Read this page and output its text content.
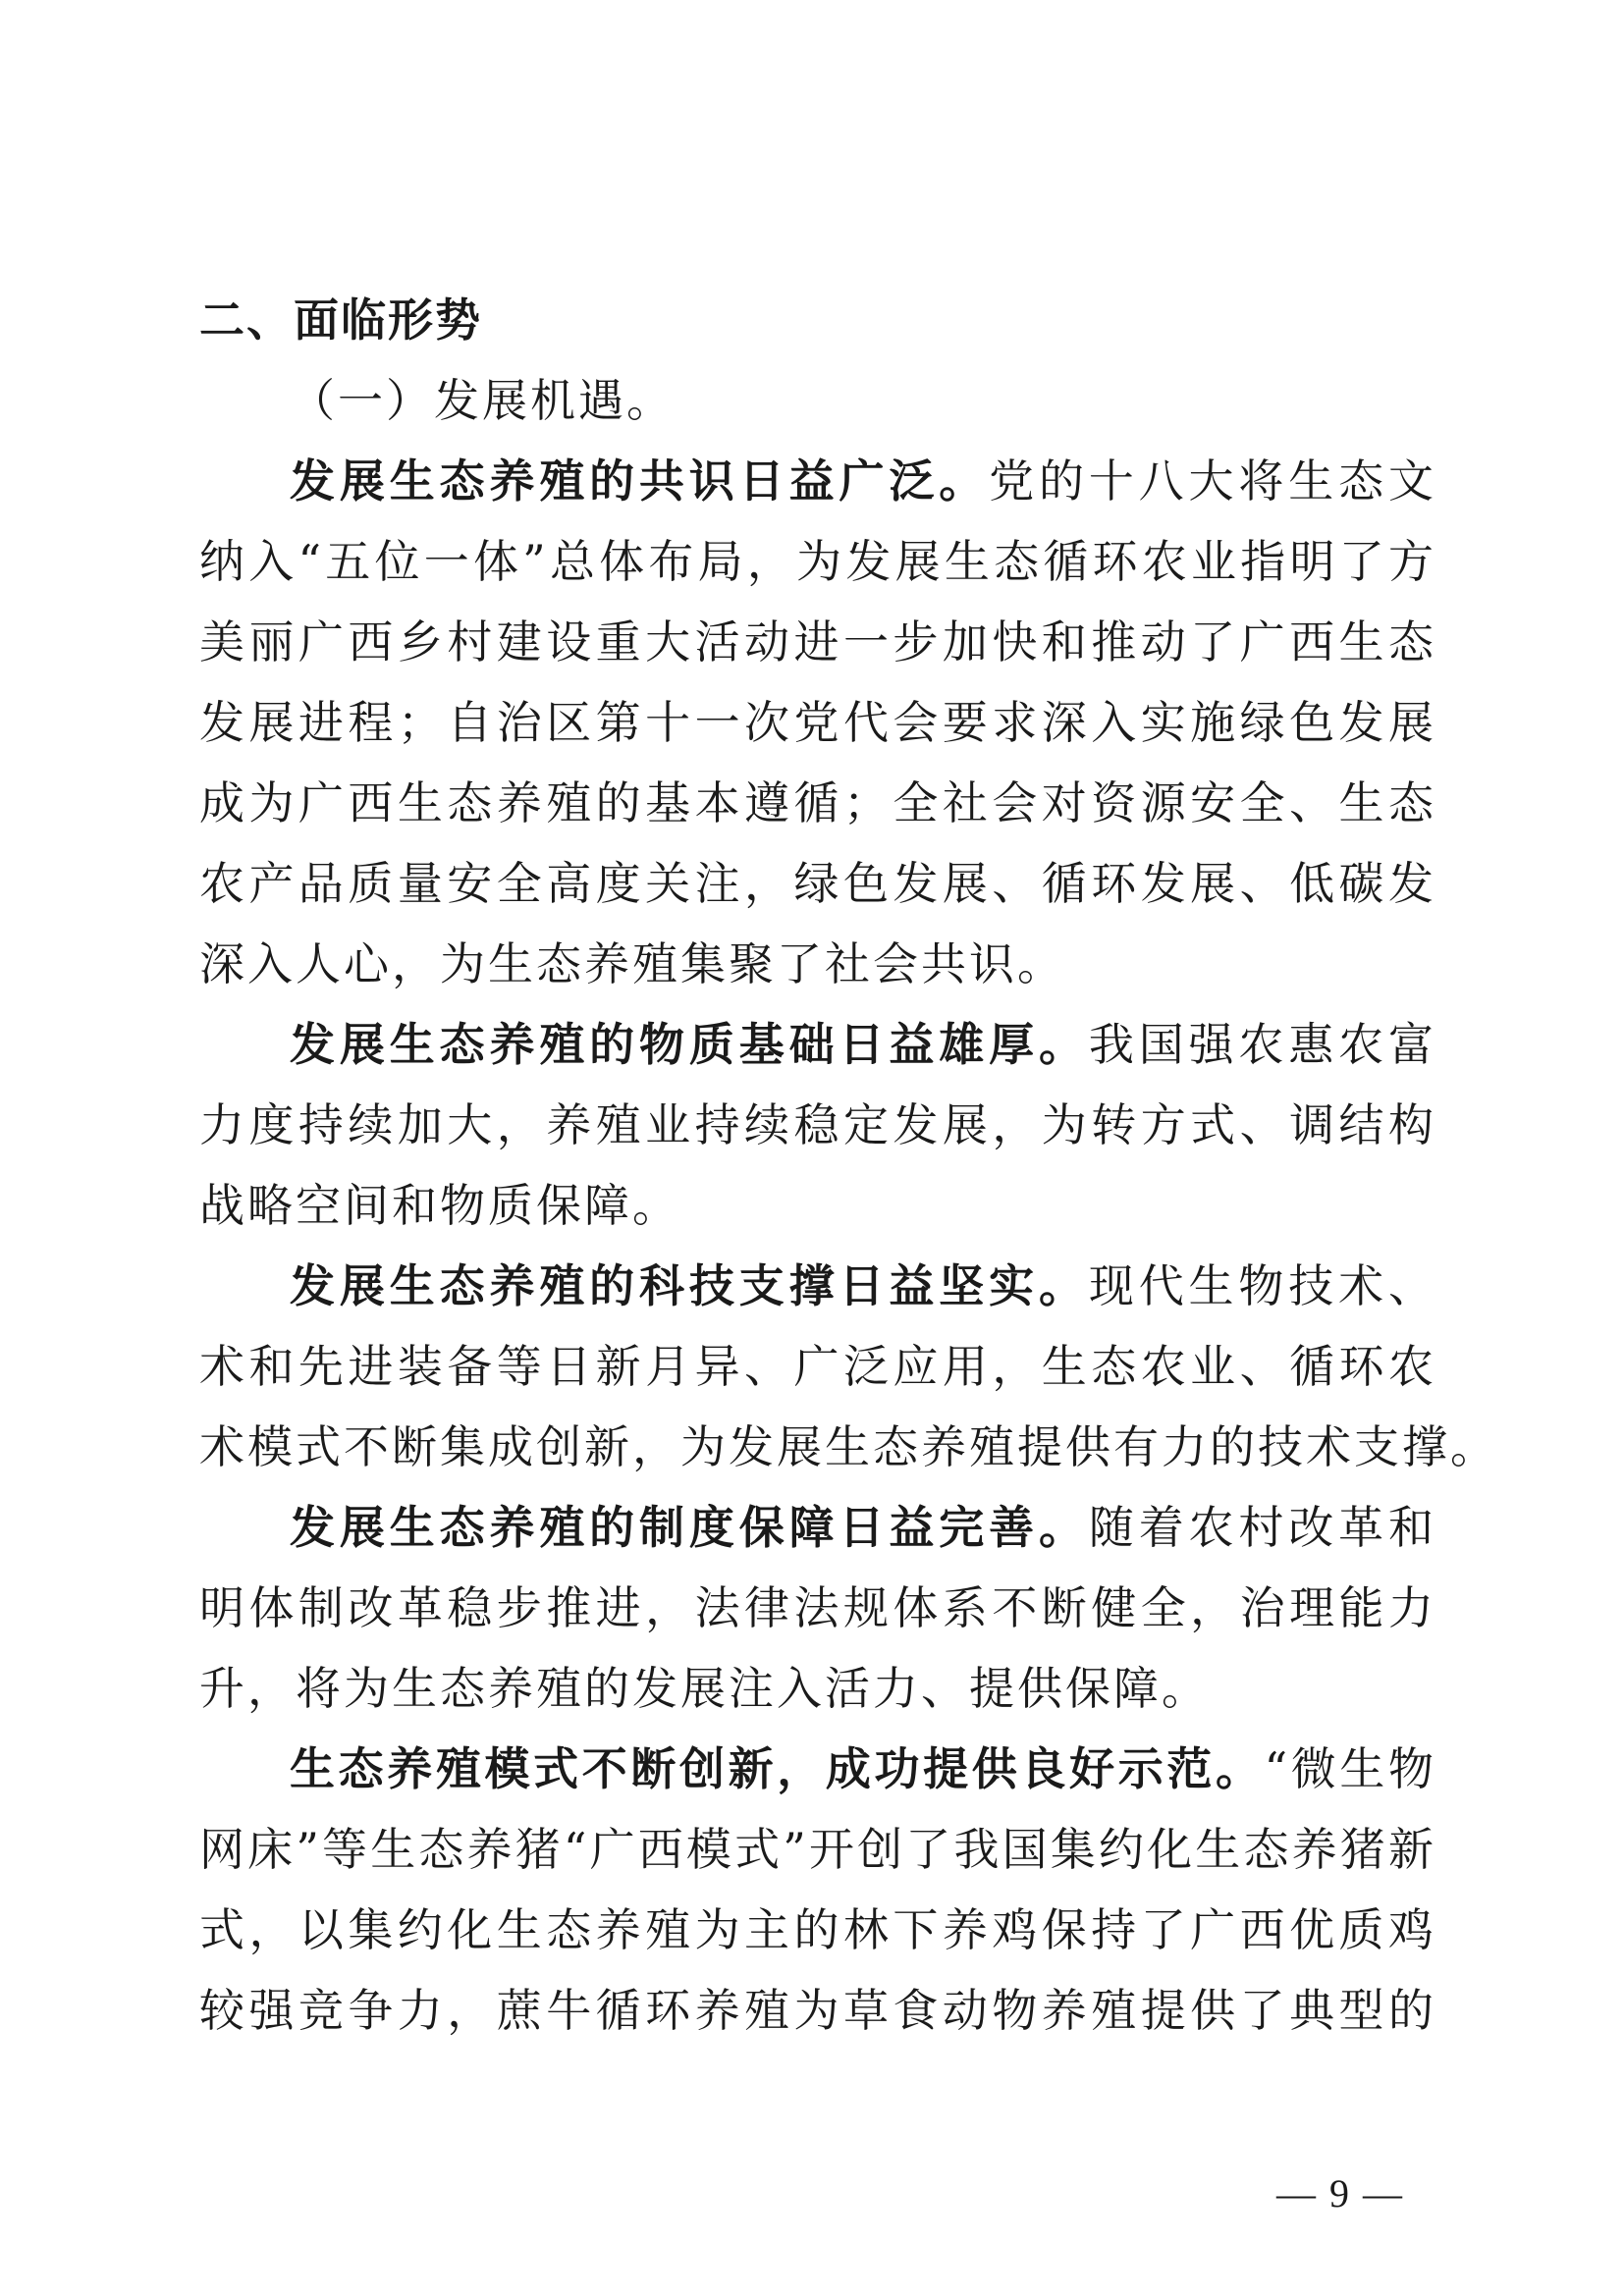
二、面临形势
（一）发展机遇。
发展生态养殖的共识日益广泛。党的十八大将生态文
纳入“五位一体”总体布局，为发展生态循环农业指明了方
美丽广西乡村建设重大活动进一步加快和推动了广西生态
发展进程；自治区第十一次党代会要求深入实施绿色发展
成为广西生态养殖的基本遵循；全社会对资源安全、生态
农产品质量安全高度关注，绿色发展、循环发展、低碳发
深入人心，为生态养殖集聚了社会共识。
发展生态养殖的物质基础日益雄厚。我国强农惠农富
力度持续加大，养殖业持续稳定发展，为转方式、调结构
战略空间和物质保障。
发展生态养殖的科技支撑日益坚实。现代生物技术、
术和先进装备等日新月异、广泛应用，生态农业、循环农
术模式不断集成创新，为发展生态养殖提供有力的技术支撑。
发展生态养殖的制度保障日益完善。随着农村改革和
明体制改革稳步推进，法律法规体系不断健全，治理能力
升，将为生态养殖的发展注入活力、提供保障。
生态养殖模式不断创新，成功提供良好示范。“微生物
网床”等生态养猪“广西模式”开创了我国集约化生态养猪新
式，以集约化生态养殖为主的林下养鸡保持了广西优质鸡
较强竞争力，蔗牛循环养殖为草食动物养殖提供了典型的
— 9 —
